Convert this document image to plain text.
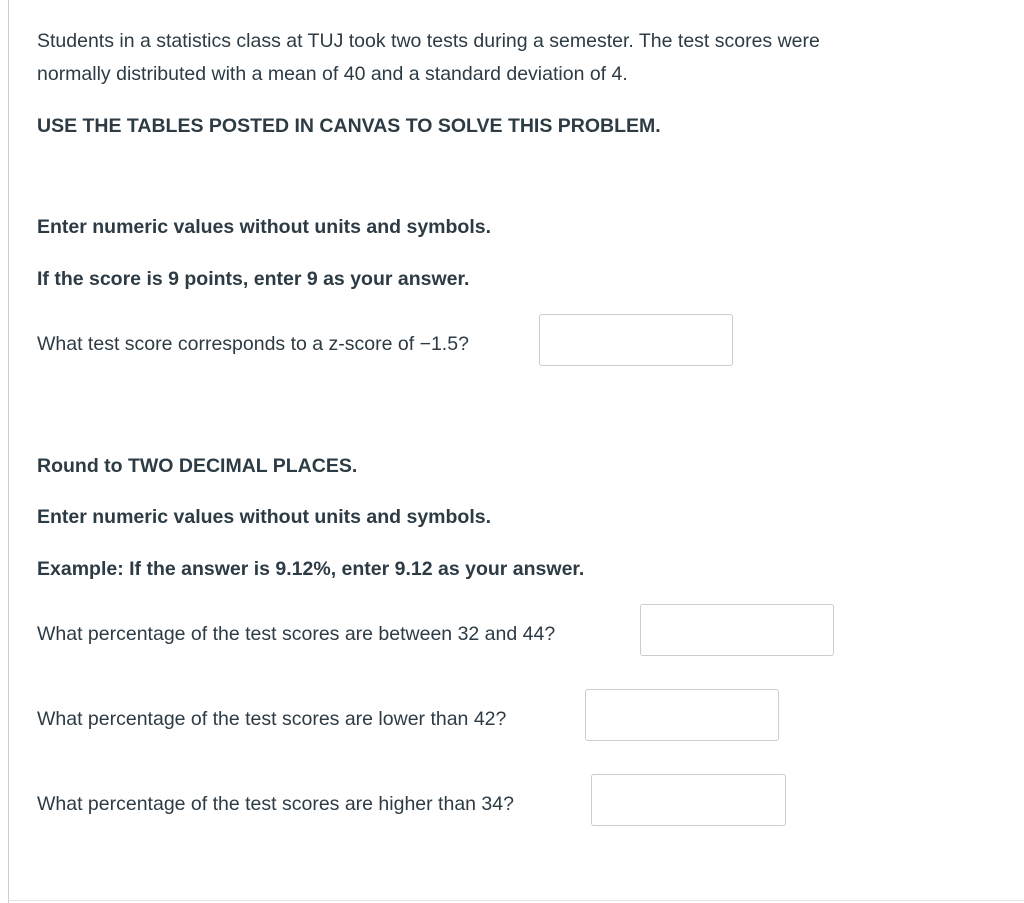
Students in a statistics class at TUJ took two tests during a semester. The test scores were

normally distributed with a mean of 40 and a standard deviation of 4.

USE THE TABLES POSTED IN CANVAS TO SOLVE THIS PROBLEM.

Enter numeric values without units and symbols.

If the score is 9 points, enter 9 as your answer.

What test score corresponds to a z-score of −1.5?

Round to TWO DECIMAL PLACES.

Enter numeric values without units and symbols.

Example: If the answer is 9.12%, enter 9.12 as your answer.

What percentage of the test scores are between 32 and 44?

What percentage of the test scores are lower than 42?

What percentage of the test scores are higher than 34?
